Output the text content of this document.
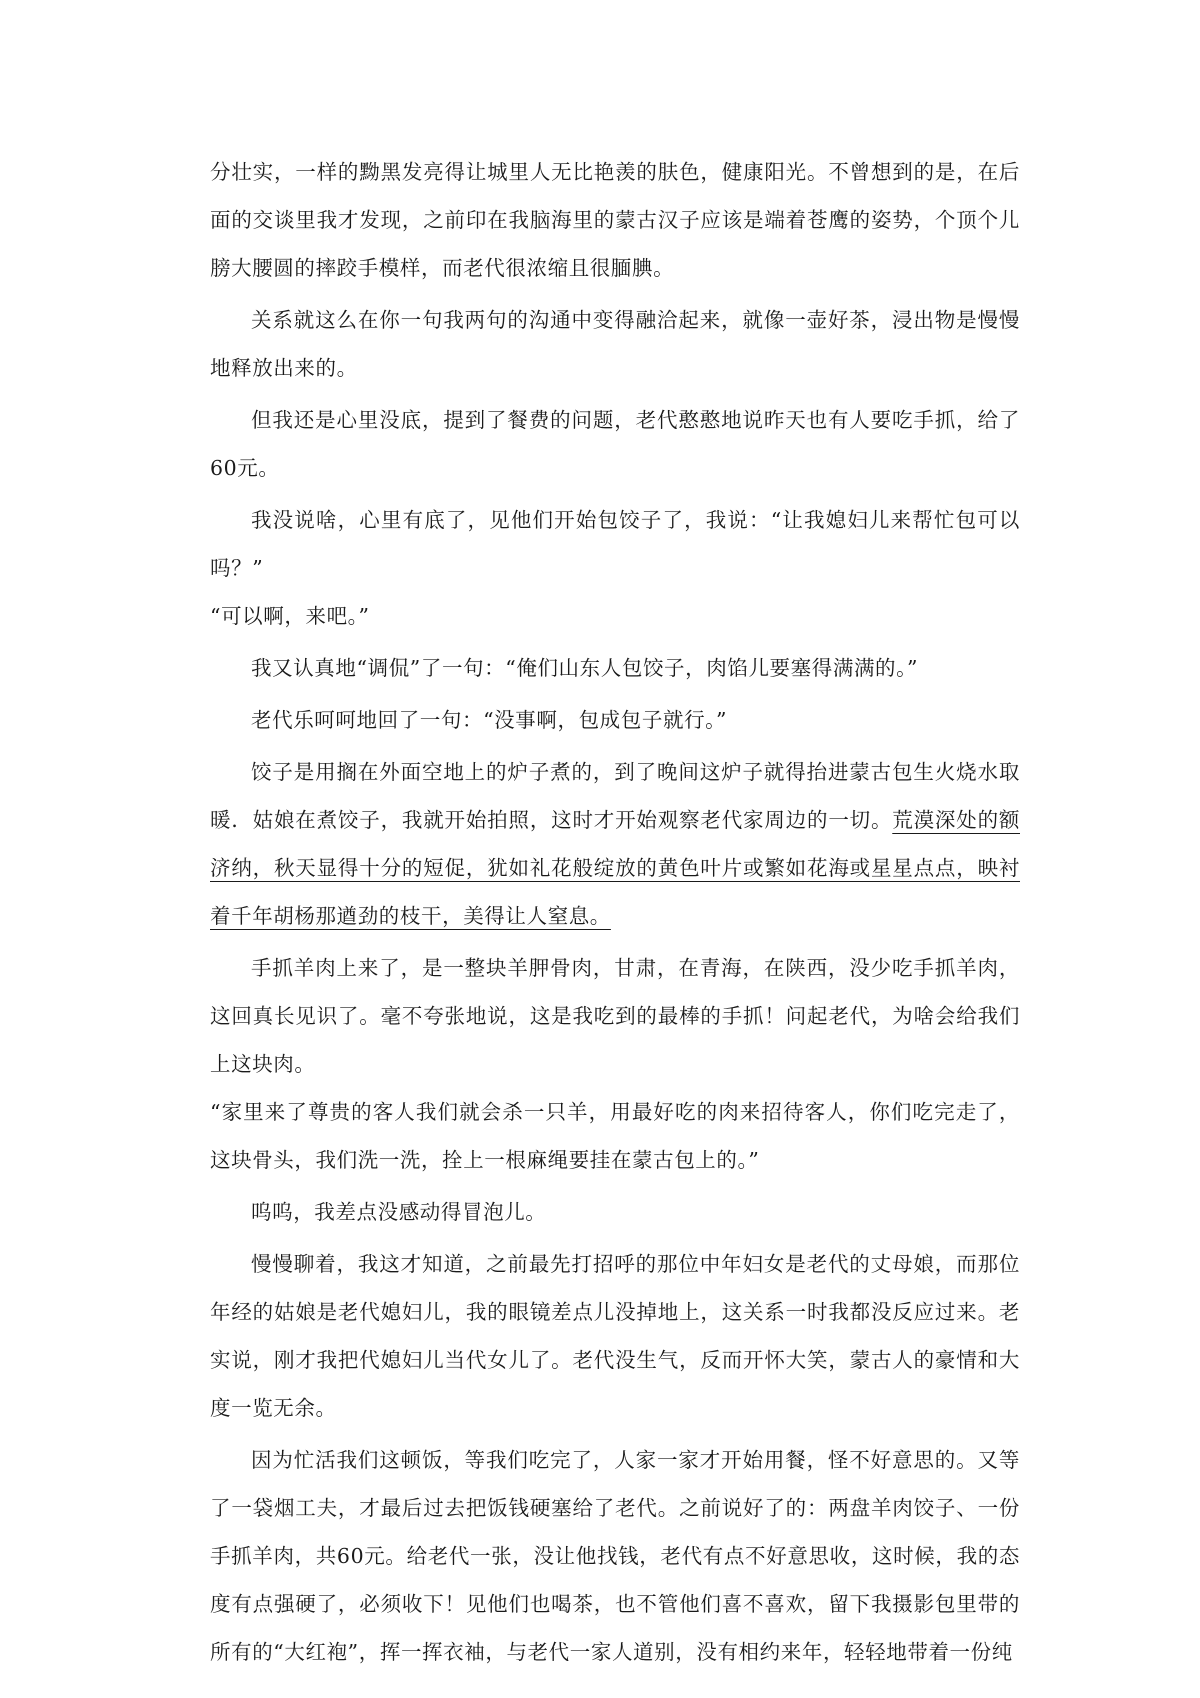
分壮实，一样的黝黑发亮得让城里人无比艳羡的肤色，健康阳光。不曾想到的是，在后面的交谈里我才发现，之前印在我脑海里的蒙古汉子应该是端着苍鹰的姿势，个顶个儿膀大腰圆的摔跤手模样，而老代很浓缩且很腼腆。

关系就这么在你一句我两句的沟通中变得融洽起来，就像一壶好茶，浸出物是慢慢地释放出来的。

但我还是心里没底，提到了餐费的问题，老代憨憨地说昨天也有人要吃手抓，给了60元。

我没说啥，心里有底了，见他们开始包饺子了，我说：“让我媳妇儿来帮忙包可以吗？”

“可以啊，来吧。”

我又认真地“调侃”了一句：“俺们山东人包饺子，肉馅儿要塞得满满的。”

老代乐呵呵地回了一句：“没事啊，包成包子就行。”

饺子是用搁在外面空地上的炉子煮的，到了晚间这炉子就得抬进蒙古包生火烧水取暖．姑娘在煮饺子，我就开始拍照，这时才开始观察老代家周边的一切。荒漠深处的额济纳，秋天显得十分的短促，犹如礼花般绽放的黄色叶片或繁如花海或星星点点，映衬着千年胡杨那遒劲的枝干，美得让人窒息。

手抓羊肉上来了，是一整块羊胛骨肉，甘肃，在青海，在陕西，没少吃手抓羊肉，这回真长见识了。毫不夸张地说，这是我吃到的最棒的手抓！问起老代，为啥会给我们上这块肉。

“家里来了尊贵的客人我们就会杀一只羊，用最好吃的肉来招待客人，你们吃完走了，这块骨头，我们洗一洗，拴上一根麻绳要挂在蒙古包上的。”

呜呜，我差点没感动得冒泡儿。

慢慢聊着，我这才知道，之前最先打招呼的那位中年妇女是老代的丈母娘，而那位年经的姑娘是老代媳妇儿，我的眼镜差点儿没掉地上，这关系一时我都没反应过来。老实说，刚才我把代媳妇儿当代女儿了。老代没生气，反而开怀大笑，蒙古人的豪情和大度一览无余。

因为忙活我们这顿饭，等我们吃完了，人家一家才开始用餐，怪不好意思的。又等了一袋烟工夫，才最后过去把饭钱硬塞给了老代。之前说好了的：两盘羊肉饺子、一份手抓羊肉，共60元。给老代一张，没让他找钱，老代有点不好意思收，这时候，我的态度有点强硬了，必须收下！见他们也喝茶，也不管他们喜不喜欢，留下我摄影包里带的所有的“大红袍”，挥一挥衣袖，与老代一家人道别，没有相约来年，轻轻地带着一份纯
